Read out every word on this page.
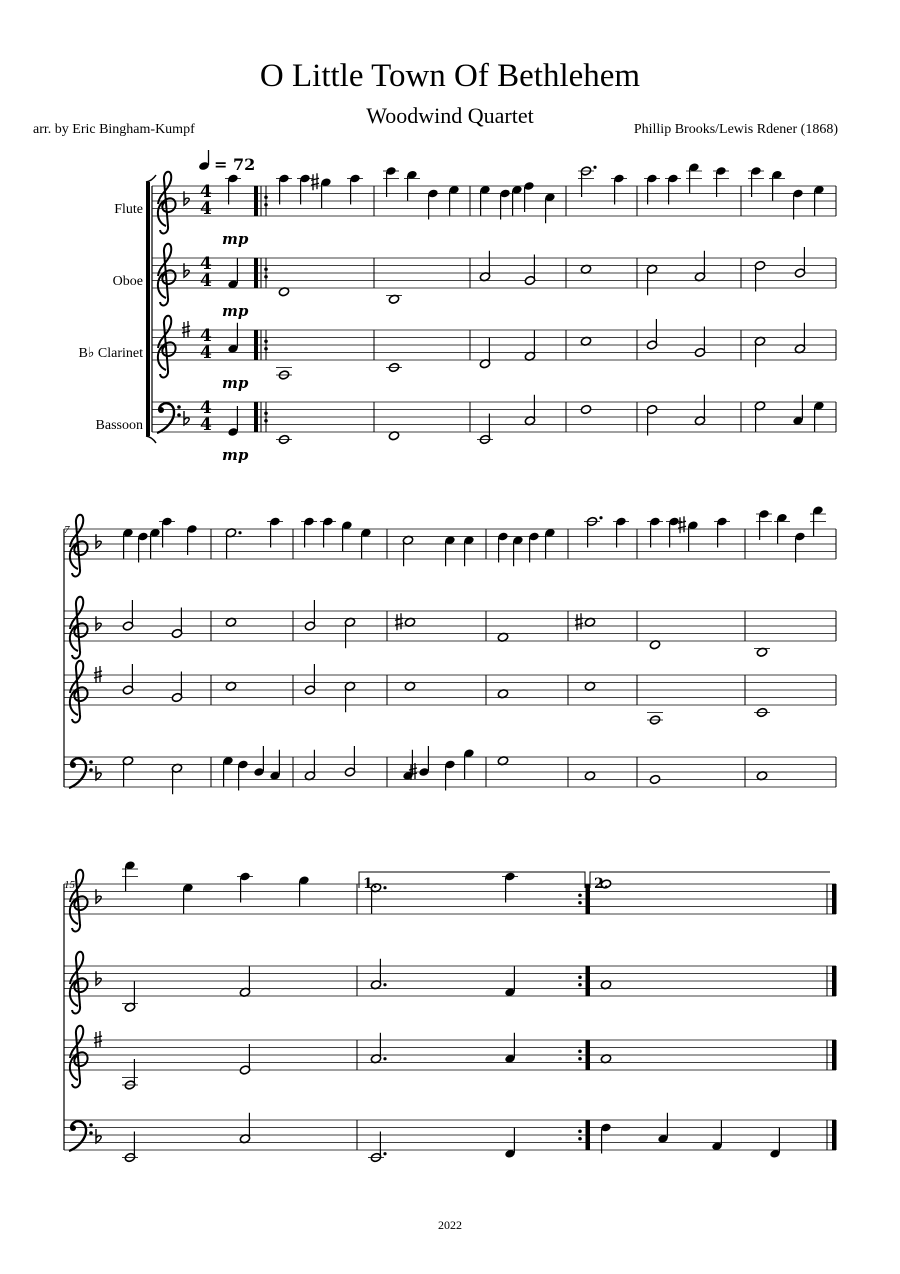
O Little Town Of Bethlehem
Woodwind Quartet
arr. by Eric Bingham-Kumpf	Phillip Brooks/Lewis Rdener (1868)
2022
= 72
Flute
Oboe
B♭ Clarinet
Bassoon
4
4
4
4
4
4
4
4
mp
mp
mp
mp
7
15	1.	2.
